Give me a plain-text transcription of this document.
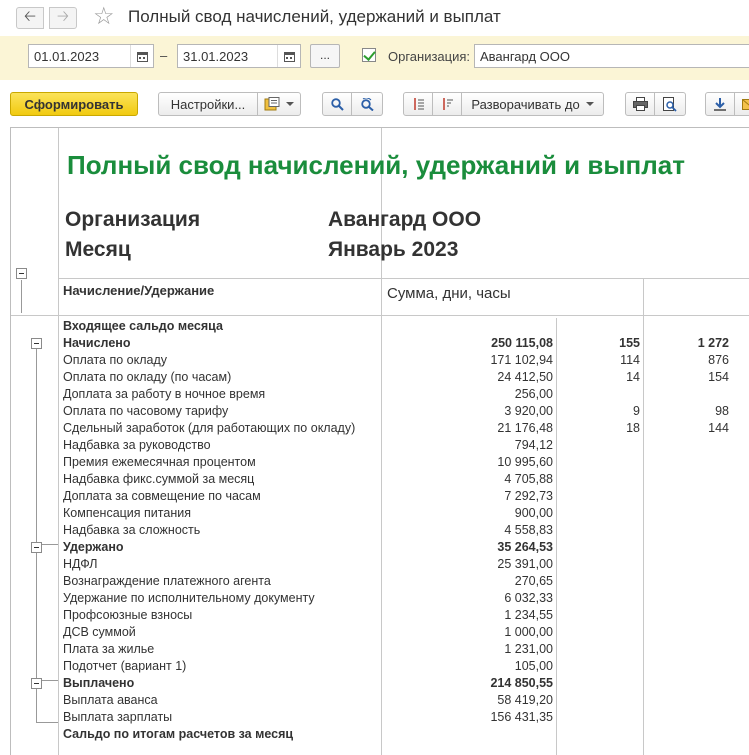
🡠 🡢 ☆ Полный свод начислений, удержаний и выплат
01.01.2023	–	31.01.2023	...	Организация: Авангард ООО
Сформировать	Настройки...	Разворачивать до
Полный свод начислений, удержаний и выплат
Организация	Авангард ООО
Месяц	Январь 2023
Начисление/Удержание	Сумма, дни, часы
Входящее сальдо месяца
Начислено	250 115,08	155	1 272
Оплата по окладу	171 102,94	114	876
Оплата по окладу (по часам)	24 412,50	14	154
Доплата за работу в ночное время	256,00
Оплата по часовому тарифу	3 920,00	9	98
Сдельный заработок (для работающих по окладу)	21 176,48	18	144
Надбавка за руководство	794,12
Премия ежемесячная процентом	10 995,60
Надбавка фикс.суммой за месяц	4 705,88
Доплата за совмещение по часам	7 292,73
Компенсация питания	900,00
Надбавка за сложность	4 558,83
Удержано	35 264,53
НДФЛ	25 391,00
Вознаграждение платежного агента	270,65
Удержание по исполнительному документу	6 032,33
Профсоюзные взносы	1 234,55
ДСВ суммой	1 000,00
Плата за жилье	1 231,00
Подотчет (вариант 1)	105,00
Выплачено	214 850,55
Выплата аванса	58 419,20
Выплата зарплаты	156 431,35
Сальдо по итогам расчетов за месяц
